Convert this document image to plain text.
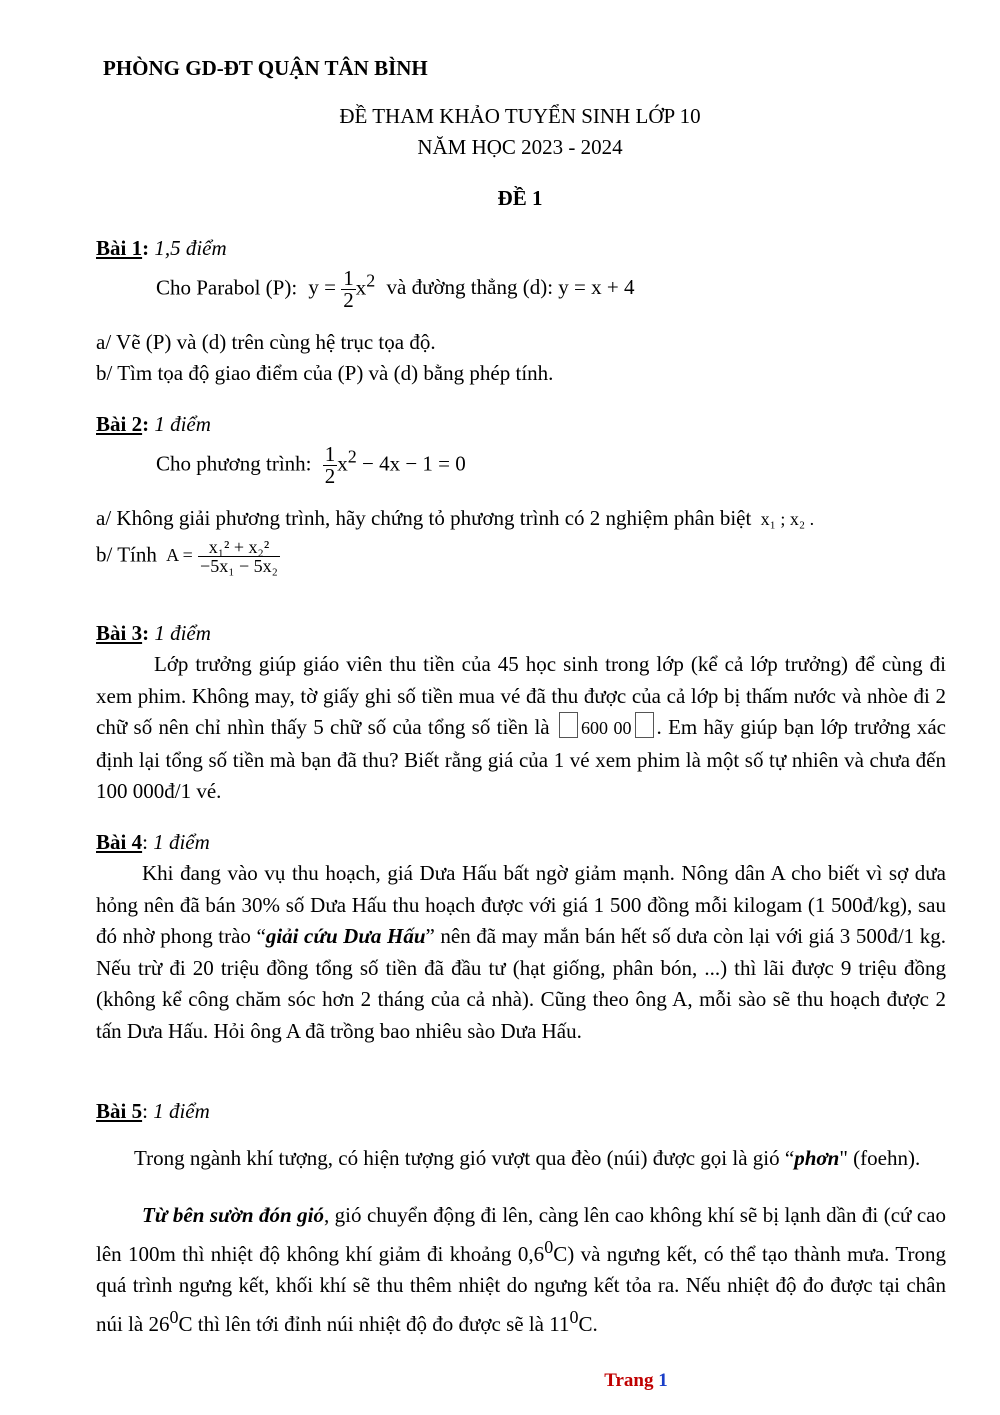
PHÒNG GD-ĐT QUẬN TÂN BÌNH
ĐỀ THAM KHẢO TUYỂN SINH LỚP 10
NĂM HỌC 2023 - 2024
ĐỀ 1
Bài 1: 1,5 điểm
Cho Parabol (P): $y = \frac{1}{2} x^2$ và đường thẳng (d): y = x + 4
a/ Vẽ (P) và (d) trên cùng hệ trục tọa độ.
b/ Tìm tọa độ giao điểm của (P) và (d) bằng phép tính.
Bài 2: 1 điểm
Cho phương trình: $\frac{1}{2} x^2 - 4x - 1 = 0$
a/ Không giải phương trình, hãy chứng tỏ phương trình có 2 nghiệm phân biệt x₁ ; x₂ .
b/ Tính $A = \frac{\text{x₁² + x₂²}}{\text{−5x₁ − 5x₂}}$
Bài 3: 1 điểm
Lớp trưởng giúp giáo viên thu tiền của 45 học sinh trong lớp (kể cả lớp trưởng) để cùng đi xem phim. Không may, tờ giấy ghi số tiền mua vé đã thu được của cả lớp bị thấm nước và nhòe đi 2 chữ số nên chỉ nhìn thấy 5 chữ số của tổng số tiền là 600 00 . Em hãy giúp bạn lớp trưởng xác định lại tổng số tiền mà bạn đã thu? Biết rằng giá của 1 vé xem phim là một số tự nhiên và chưa đến 100 000đ/1 vé.
Bài 4: 1 điểm
Khi đang vào vụ thu hoạch, giá Dưa Hấu bất ngờ giảm mạnh. Nông dân A cho biết vì sợ dưa hỏng nên đã bán 30% số Dưa Hấu thu hoạch được với giá 1 500 đồng mỗi kilogam (1 500đ/kg), sau đó nhờ phong trào “giải cứu Dưa Hấu” nên đã may mắn bán hết số dưa còn lại với giá 3 500đ/1 kg. Nếu trừ đi 20 triệu đồng tổng số tiền đã đầu tư (hạt giống, phân bón, ...) thì lãi được 9 triệu đồng (không kể công chăm sóc hơn 2 tháng của cả nhà). Cũng theo ông A, mỗi sào sẽ thu hoạch được 2 tấn Dưa Hấu. Hỏi ông A đã trồng bao nhiêu sào Dưa Hấu.
Bài 5: 1 điểm
Trong ngành khí tượng, có hiện tượng gió vượt qua đèo (núi) được gọi là gió “phơn" (foehn).
Từ bên sườn đón gió, gió chuyển động đi lên, càng lên cao không khí sẽ bị lạnh dần đi (cứ cao lên 100m thì nhiệt độ không khí giảm đi khoảng $0,6^0C$) và ngưng kết, có thể tạo thành mưa. Trong quá trình ngưng kết, khối khí sẽ thu thêm nhiệt do ngưng kết tỏa ra. Nếu nhiệt độ đo được tại chân núi là $26^0C$ thì lên tới đỉnh núi nhiệt độ đo được sẽ là $11^0C$.
Trang 1
